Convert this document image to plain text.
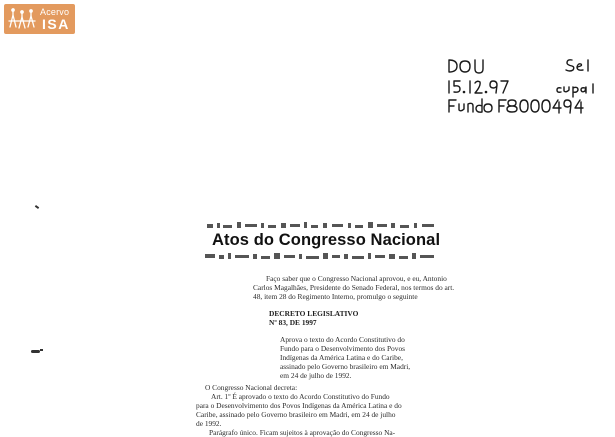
Acervo
ISA
Atos do Congresso Nacional
Faço saber que o Congresso Nacional aprovou, e eu, Antonio
Carlos Magalhães, Presidente do Senado Federal, nos termos do art.
48, item 28 do Regimento Interno, promulgo o seguinte
DECRETO LEGISLATIVO
Nº 83, DE 1997
Aprova o texto do Acordo Constitutivo do
Fundo para o Desenvolvimento dos Povos
Indígenas da América Latina e do Caribe,
assinado pelo Governo brasileiro em Madri,
em 24 de julho de 1992.
O Congresso Nacional decreta:
Art. 1º É aprovado o texto do Acordo Constitutivo do Fundo
para o Desenvolvimento dos Povos Indígenas da América Latina e do
Caribe, assinado pelo Governo brasileiro em Madri, em 24 de julho
de 1992.
Parágrafo único. Ficam sujeitos à aprovação do Congresso Na-
